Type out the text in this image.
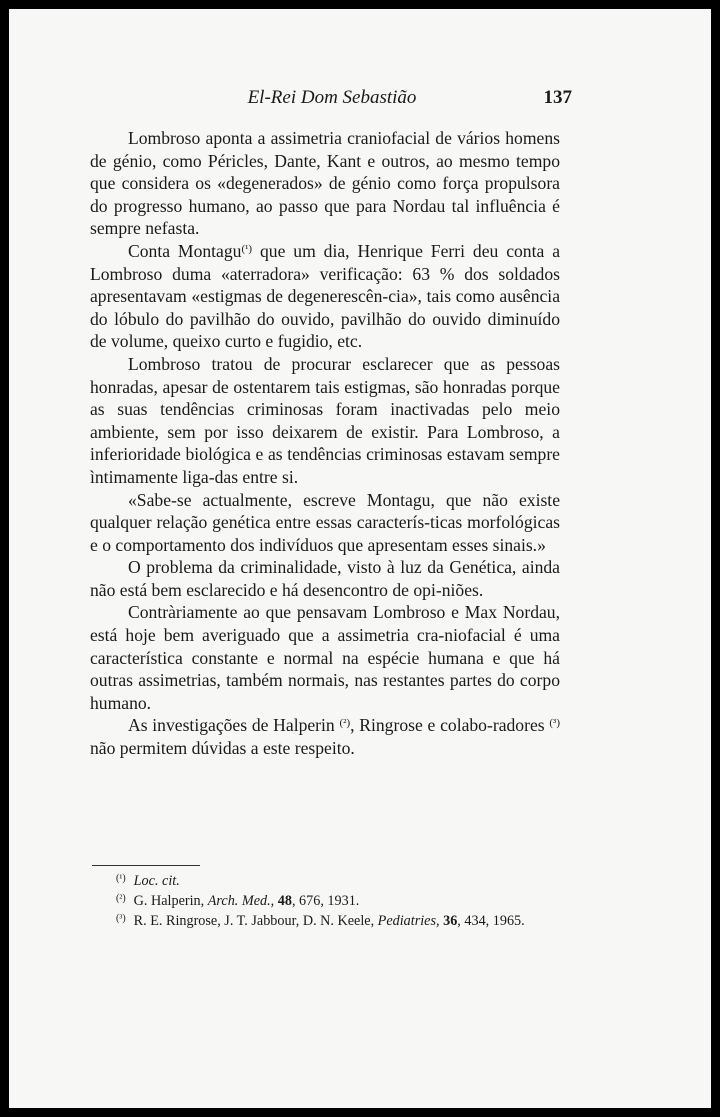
El-Rei Dom Sebastião	137

Lombroso aponta a assimetria craniofacial de vários homens de génio, como Péricles, Dante, Kant e outros, ao mesmo tempo que considera os «degenerados» de génio como força propulsora do progresso humano, ao passo que para Nordau tal influência é sempre nefasta.

Conta Montagu$^{(^1)}$ que um dia, Henrique Ferri deu conta a Lombroso duma «aterradora» verificação: 63 % dos soldados apresentavam «estigmas de degenerescên-cia», tais como ausência do lóbulo do pavilhão do ouvido, pavilhão do ouvido diminuído de volume, queixo curto e fugidio, etc.

Lombroso tratou de procurar esclarecer que as pessoas honradas, apesar de ostentarem tais estigmas, são honradas porque as suas tendências criminosas foram inactivadas pelo meio ambiente, sem por isso deixarem de existir. Para Lombroso, a inferioridade biológica e as tendências criminosas estavam sempre ìntimamente liga-das entre si.

«Sabe-se actualmente, escreve Montagu, que não existe qualquer relação genética entre essas caracterís-ticas morfológicas e o comportamento dos indivíduos que apresentam esses sinais.»

O problema da criminalidade, visto à luz da Genética, ainda não está bem esclarecido e há desencontro de opi-niões.

Contràriamente ao que pensavam Lombroso e Max Nordau, está hoje bem averiguado que a assimetria cra-niofacial é uma característica constante e normal na espécie humana e que há outras assimetrias, também normais, nas restantes partes do corpo humano.

As investigações de Halperin $^{(^2)}$, Ringrose e colabo-radores $^{(^3)}$ não permitem dúvidas a este respeito.

$^{(^1)}$ Loc. cit.

$^{(^2)}$ G. Halperin, Arch. Med., 48, 676, 1931.

$^{(^3)}$ R. E. Ringrose, J. T. Jabbour, D. N. Keele, Pediatries, 36, 434, 1965.
